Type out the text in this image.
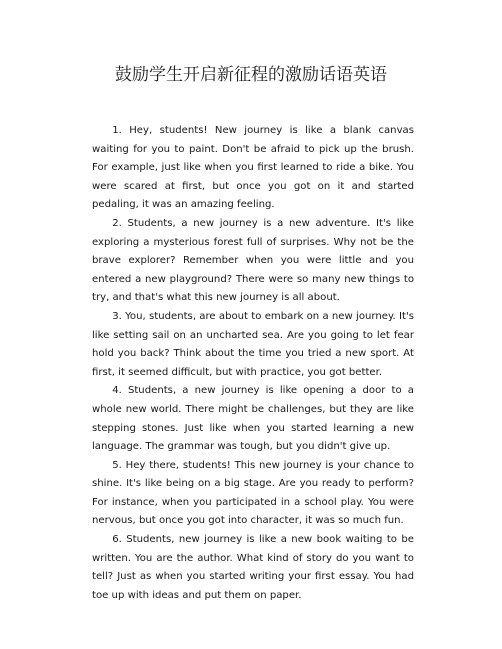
鼓励学生开启新征程的激励话语英语

1. Hey, students! New journey is like a blank canvas waiting for you to paint. Don't be afraid to pick up the brush. For example, just like when you first learned to ride a bike. You were scared at first, but once you got on it and started pedaling, it was an amazing feeling.

2. Students, a new journey is a new adventure. It's like exploring a mysterious forest full of surprises. Why not be the brave explorer? Remember when you were little and you entered a new playground? There were so many new things to try, and that's what this new journey is all about.

3. You, students, are about to embark on a new journey. It's like setting sail on an uncharted sea. Are you going to let fear hold you back? Think about the time you tried a new sport. At first, it seemed difficult, but with practice, you got better.

4. Students, a new journey is like opening a door to a whole new world. There might be challenges, but they are like stepping stones. Just like when you started learning a new language. The grammar was tough, but you didn't give up.

5. Hey there, students! This new journey is your chance to shine. It's like being on a big stage. Are you ready to perform? For instance, when you participated in a school play. You were nervous, but once you got into character, it was so much fun.

6. Students, new journey is like a new book waiting to be written. You are the author. What kind of story do you want to tell? Just as when you started writing your first essay. You had toe up with ideas and put them on paper.
